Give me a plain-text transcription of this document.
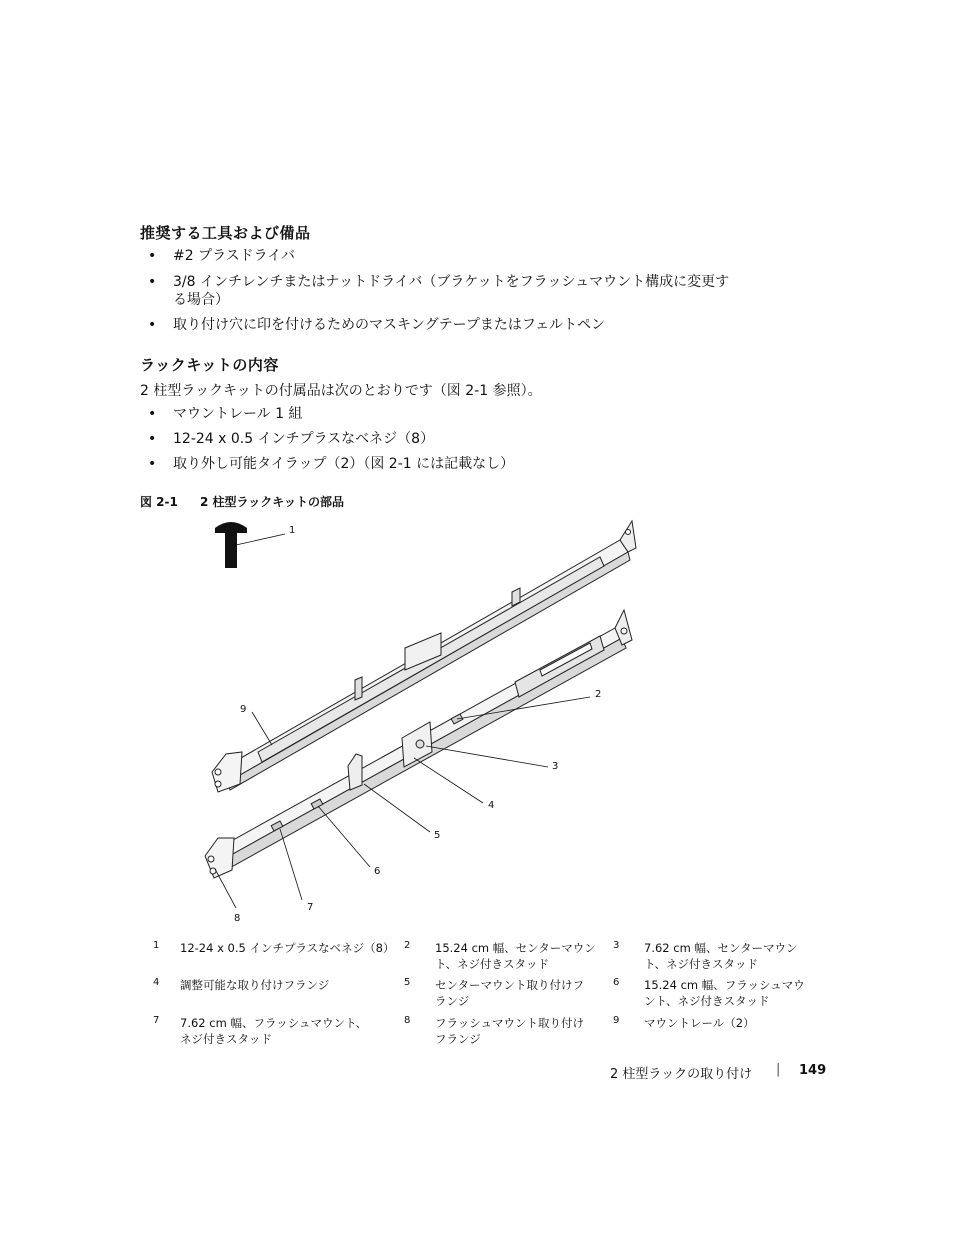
推奨する工具および備品
• #2 プラスドライバ
• 3/8 インチレンチまたはナットドライバ（ブラケットをフラッシュマウント構成に変更す
る場合）
• 取り付け穴に印を付けるためのマスキングテープまたはフェルトペン
ラックキットの内容
2 柱型ラックキットの付属品は次のとおりです（図 2-1 参照）。
• マウントレール 1 組
• 12-24 x 0.5 インチプラスなベネジ（8）
• 取り外し可能タイラップ（2）（図 2-1 には記載なし）
図 2-1 2 柱型ラックキットの部品
1
2
3
4
5
6
7
8
9
1 12-24 x 0.5 インチプラスなベネジ（8） 2 15.24 cm 幅、センターマウン
ト、ネジ付きスタッド
3 7.62 cm 幅、センターマウン
ト、ネジ付きスタッド
4 調整可能な取り付けフランジ	5 センターマウント取り付けフ
ランジ
6 15.24 cm 幅、フラッシュマウ
ント、ネジ付きスタッド
7 7.62 cm 幅、フラッシュマウント、
ネジ付きスタッド
8 フラッシュマウント取り付け
フランジ
9 マウントレール（2）
2 柱型ラックの取り付け | 149
